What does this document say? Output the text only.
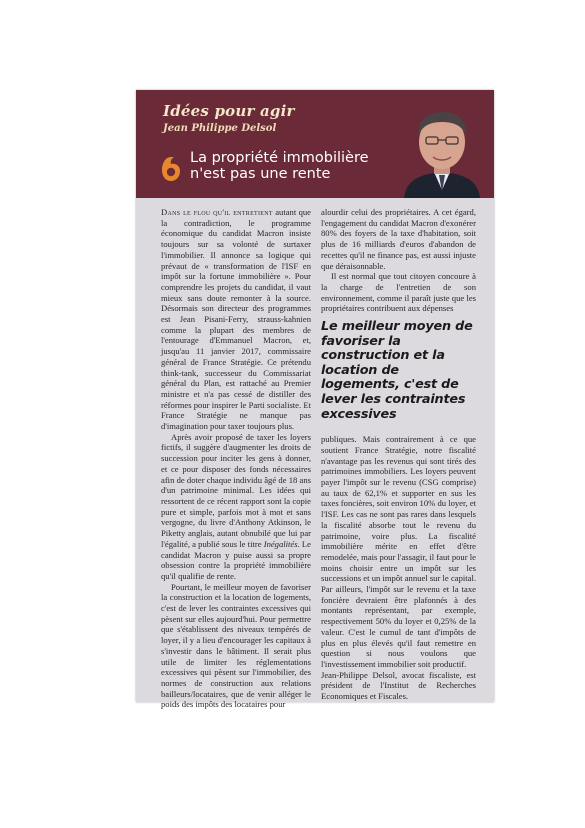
Idées pour agir
Jean Philippe Delsol
La propriété immobilière
n'est pas une rente

Dans le flou qu'il entretient autant que la contradiction, le programme économique du candidat Macron insiste toujours sur sa volonté de surtaxer l'immobilier. Il annonce sa logique qui prévaut de « transformation de l'ISF en impôt sur la fortune immobilière ». Pour comprendre les projets du candidat, il vaut mieux sans doute remonter à la source. Désormais son directeur des programmes est Jean Pisani-Ferry, strauss-kahnien comme la plupart des membres de l'entourage d'Emmanuel Macron, et, jusqu'au 11 janvier 2017, commissaire général de France Stratégie. Ce prétendu think-tank, successeur du Commissariat général du Plan, est rattaché au Premier ministre et n'a pas cessé de distiller des réformes pour inspirer le Parti socialiste. Et France Stratégie ne manque pas d'imagination pour taxer toujours plus.

Après avoir proposé de taxer les loyers fictifs, il suggère d'augmenter les droits de succession pour inciter les gens à donner, et ce pour disposer des fonds nécessaires afin de doter chaque individu âgé de 18 ans d'un patrimoine minimal. Les idées qui ressortent de ce récent rapport sont la copie pure et simple, parfois mot à mot et sans vergogne, du livre d'Anthony Atkinson, le Piketty anglais, autant obnubilé que lui par l'égalité, a publié sous le titre Inégalités. Le candidat Macron y puise aussi sa propre obsession contre la propriété immobilière qu'il qualifie de rente.

Pourtant, le meilleur moyen de favoriser la construction et la location de logements, c'est de lever les contraintes excessives qui pèsent sur elles aujourd'hui. Pour permettre que s'établissent des niveaux tempérés de loyer, il y a lieu d'encourager les capitaux à s'investir dans le bâtiment. Il serait plus utile de limiter les réglementations excessives qui pèsent sur l'immobilier, des normes de construction aux relations bailleurs/locataires, que de venir alléger le poids des impôts des locataires pour

alourdir celui des propriétaires. A cet égard, l'engagement du candidat Macron d'exonérer 80% des foyers de la taxe d'habitation, soit plus de 16 milliards d'euros d'abandon de recettes qu'il ne finance pas, est aussi injuste que déraisonnable.

Il est normal que tout citoyen concoure à la charge de l'entretien de son environnement, comme il paraît juste que les propriétaires contribuent aux dépenses

Le meilleur moyen de favoriser la construction et la location de logements, c'est de lever les contraintes excessives

publiques. Mais contrairement à ce que soutient France Stratégie, notre fiscalité n'avantage pas les revenus qui sont tirés des patrimoines immobiliers. Les loyers peuvent payer l'impôt sur le revenu (CSG comprise) au taux de 62,1% et supporter en sus les taxes foncières, soit environ 10% du loyer, et l'ISF. Les cas ne sont pas rares dans lesquels la fiscalité absorbe tout le revenu du patrimoine, voire plus. La fiscalité immobilière mérite en effet d'être remodelée, mais pour l'assagir, il faut pour le moins choisir entre un impôt sur les successions et un impôt annuel sur le capital. Par ailleurs, l'impôt sur le revenu et la taxe foncière devraient être plafonnés à des montants représentant, par exemple, respectivement 50% du loyer et 0,25% de la valeur. C'est le cumul de tant d'impôts de plus en plus élevés qu'il faut remettre en question si nous voulons que l'investissement immobilier soit productif.

Jean-Philippe Delsol, avocat fiscaliste, est président de l'Institut de Recherches Economiques et Fiscales.
